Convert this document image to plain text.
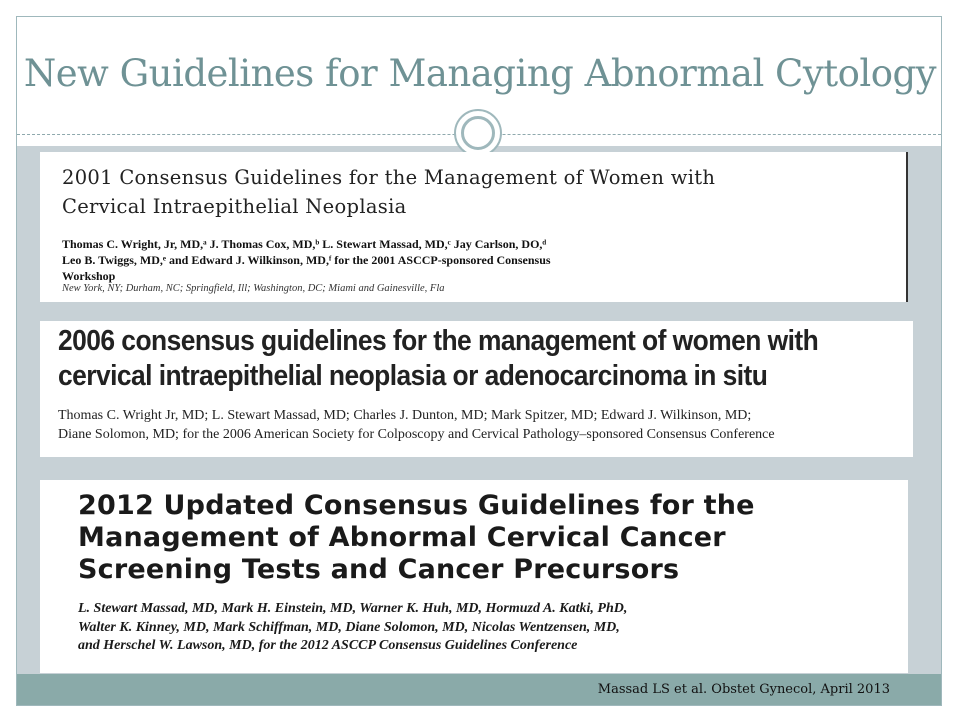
New Guidelines for Managing Abnormal Cytology
2001 Consensus Guidelines for the Management of Women with
Cervical Intraepithelial Neoplasia
Thomas C. Wright, Jr, MD,ᵃ J. Thomas Cox, MD,ᵇ L. Stewart Massad, MD,ᶜ Jay Carlson, DO,ᵈ
Leo B. Twiggs, MD,ᵉ and Edward J. Wilkinson, MD,ᶠ for the 2001 ASCCP-sponsored Consensus
Workshop
New York, NY; Durham, NC; Springfield, Ill; Washington, DC; Miami and Gainesville, Fla
2006 consensus guidelines for the management of women with
cervical intraepithelial neoplasia or adenocarcinoma in situ
Thomas C. Wright Jr, MD; L. Stewart Massad, MD; Charles J. Dunton, MD; Mark Spitzer, MD; Edward J. Wilkinson, MD;
Diane Solomon, MD; for the 2006 American Society for Colposcopy and Cervical Pathology–sponsored Consensus Conference
2012 Updated Consensus Guidelines for the
Management of Abnormal Cervical Cancer
Screening Tests and Cancer Precursors
L. Stewart Massad, MD, Mark H. Einstein, MD, Warner K. Huh, MD, Hormuzd A. Katki, PhD,
Walter K. Kinney, MD, Mark Schiffman, MD, Diane Solomon, MD, Nicolas Wentzensen, MD,
and Herschel W. Lawson, MD, for the 2012 ASCCP Consensus Guidelines Conference
Massad LS et al. Obstet Gynecol, April 2013
